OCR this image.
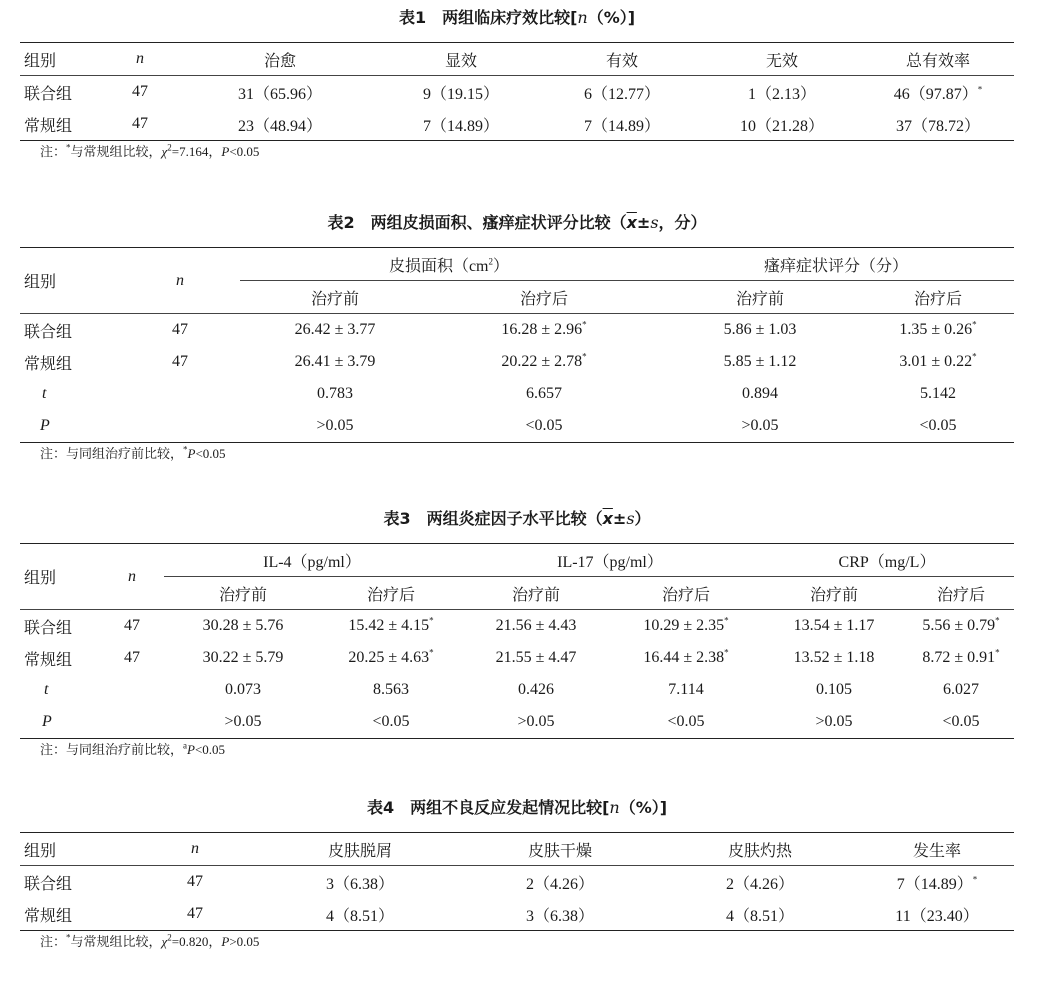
表1　两组临床疗效比较[n（%）]
组别	n	治愈	显效	有效	无效	总有效率
联合组	47	31（65.96）	9（19.15）	6（12.77）	1（2.13）	46（97.87）*
常规组	47	23（48.94）	7（14.89）	7（14.89）	10（21.28）	37（78.72）
注：*与常规组比较，$\chi^2=7.164$，P<0.05
表2　两组皮损面积、瘙痒症状评分比较（$\overline{x}\pm s$，分）
组别	n	皮损面积$(cm^2)$		瘙痒症状评分（分）	
		治疗前	治疗后	治疗前	治疗后
联合组	47	26.42 ± 3.77	16.28 ± 2.96*	5.86 ± 1.03	1.35 ± 0.26*
常规组	47	26.41 ± 3.79	20.22 ± 2.78*	5.85 ± 1.12	3.01 ± 0.22*
t		0.783	6.657	0.894	5.142
P		>0.05	<0.05	>0.05	<0.05
注：与同组治疗前比较，*P<0.05
表3　两组炎症因子水平比较$(\overline{x}\pm s)$
组别	n	IL-4（pg/ml）		IL-17（pg/ml）		CRP（mg/L）	
		治疗前	治疗后	治疗前	治疗后	治疗前	治疗后
联合组	47	30.28 ± 5.76	15.42 ± 4.15*	21.56 ± 4.43	10.29 ± 2.35*	13.54 ± 1.17	5.56 ± 0.79*
常规组	47	30.22 ± 5.79	20.25 ± 4.63*	21.55 ± 4.47	16.44 ± 2.38*	13.52 ± 1.18	8.72 ± 0.91*
t		0.073	8.563	0.426	7.114	0.105	6.027
P		>0.05	<0.05	>0.05	<0.05	>0.05	<0.05
注：与同组治疗前比较，$^a$P<0.05
表4　两组不良反应发起情况比较[n（%）]
组别	n	皮肤脱屑	皮肤干燥	皮肤灼热	发生率
联合组	47	3（6.38）	2（4.26）	2（4.26）	7（14.89）*
常规组	47	4（8.51）	3（6.38）	4（8.51）	11（23.40）
注：*与常规组比较，$\chi^2=0.820$，P>0.05
